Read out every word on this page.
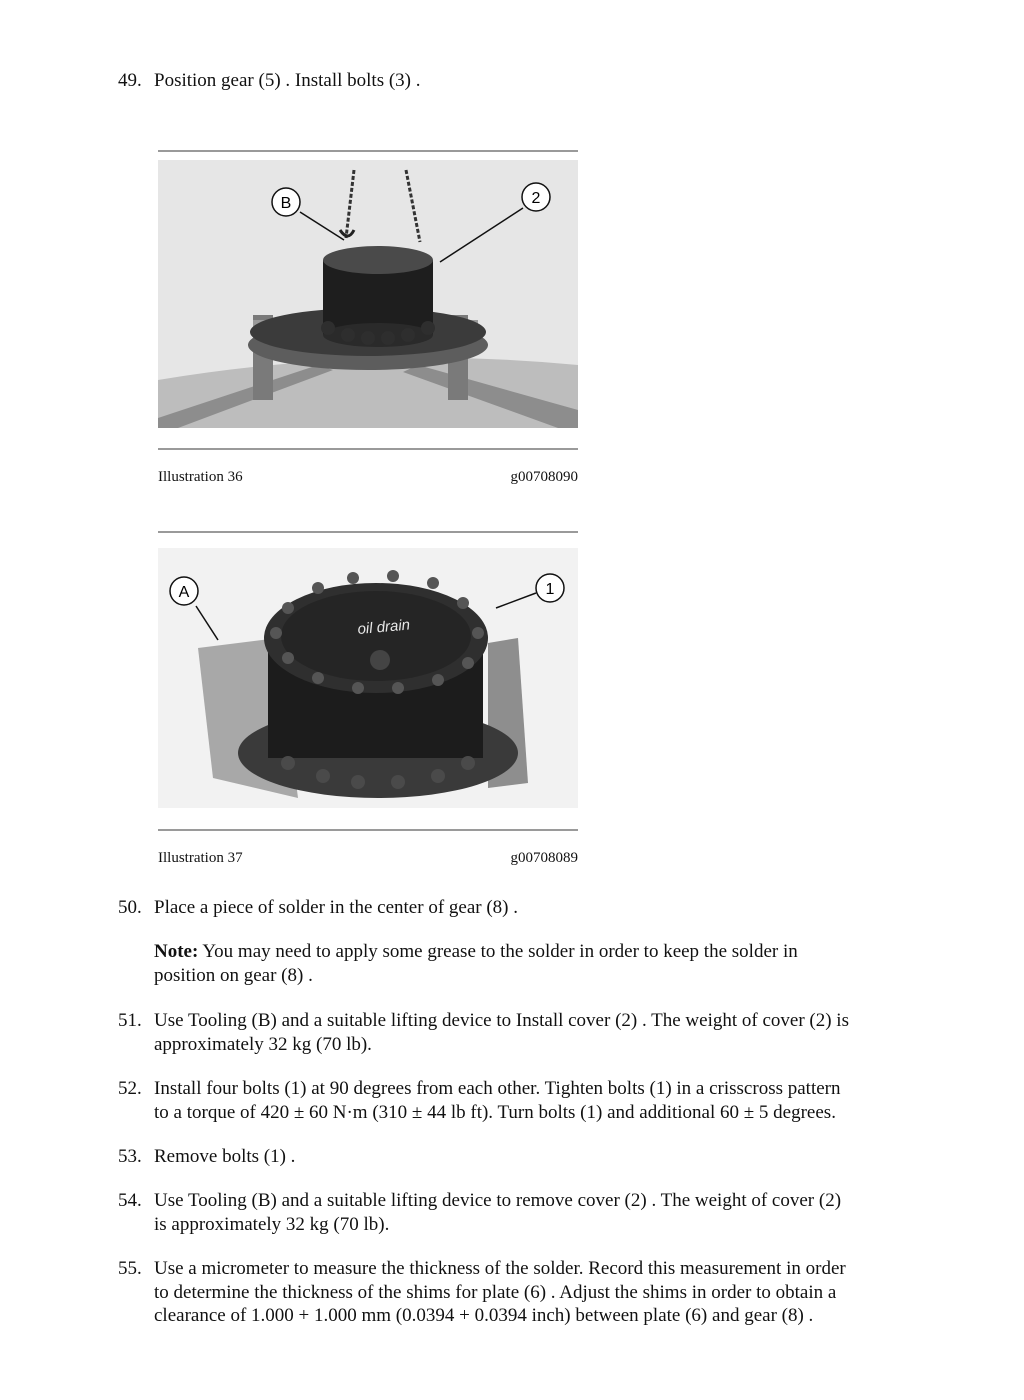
49. Position gear (5) . Install bolts (3) .
B	2
Illustration 36	g00708090
oil drain
A	1
Illustration 37	g00708089
50. Place a piece of solder in the center of gear (8) .
Note: You may need to apply some grease to the solder in order to keep the solder in
position on gear (8) .
51. Use Tooling (B) and a suitable lifting device to Install cover (2) . The weight of cover (2) is
approximately 32 kg (70 lb).
52. Install four bolts (1) at 90 degrees from each other. Tighten bolts (1) in a crisscross pattern
to a torque of 420 ± 60 N·m (310 ± 44 lb ft). Turn bolts (1) and additional 60 ± 5 degrees.
53. Remove bolts (1) .
54. Use Tooling (B) and a suitable lifting device to remove cover (2) . The weight of cover (2)
is approximately 32 kg (70 lb).
55. Use a micrometer to measure the thickness of the solder. Record this measurement in order
to determine the thickness of the shims for plate (6) . Adjust the shims in order to obtain a
clearance of 1.000 + 1.000 mm (0.0394 + 0.0394 inch) between plate (6) and gear (8) .
